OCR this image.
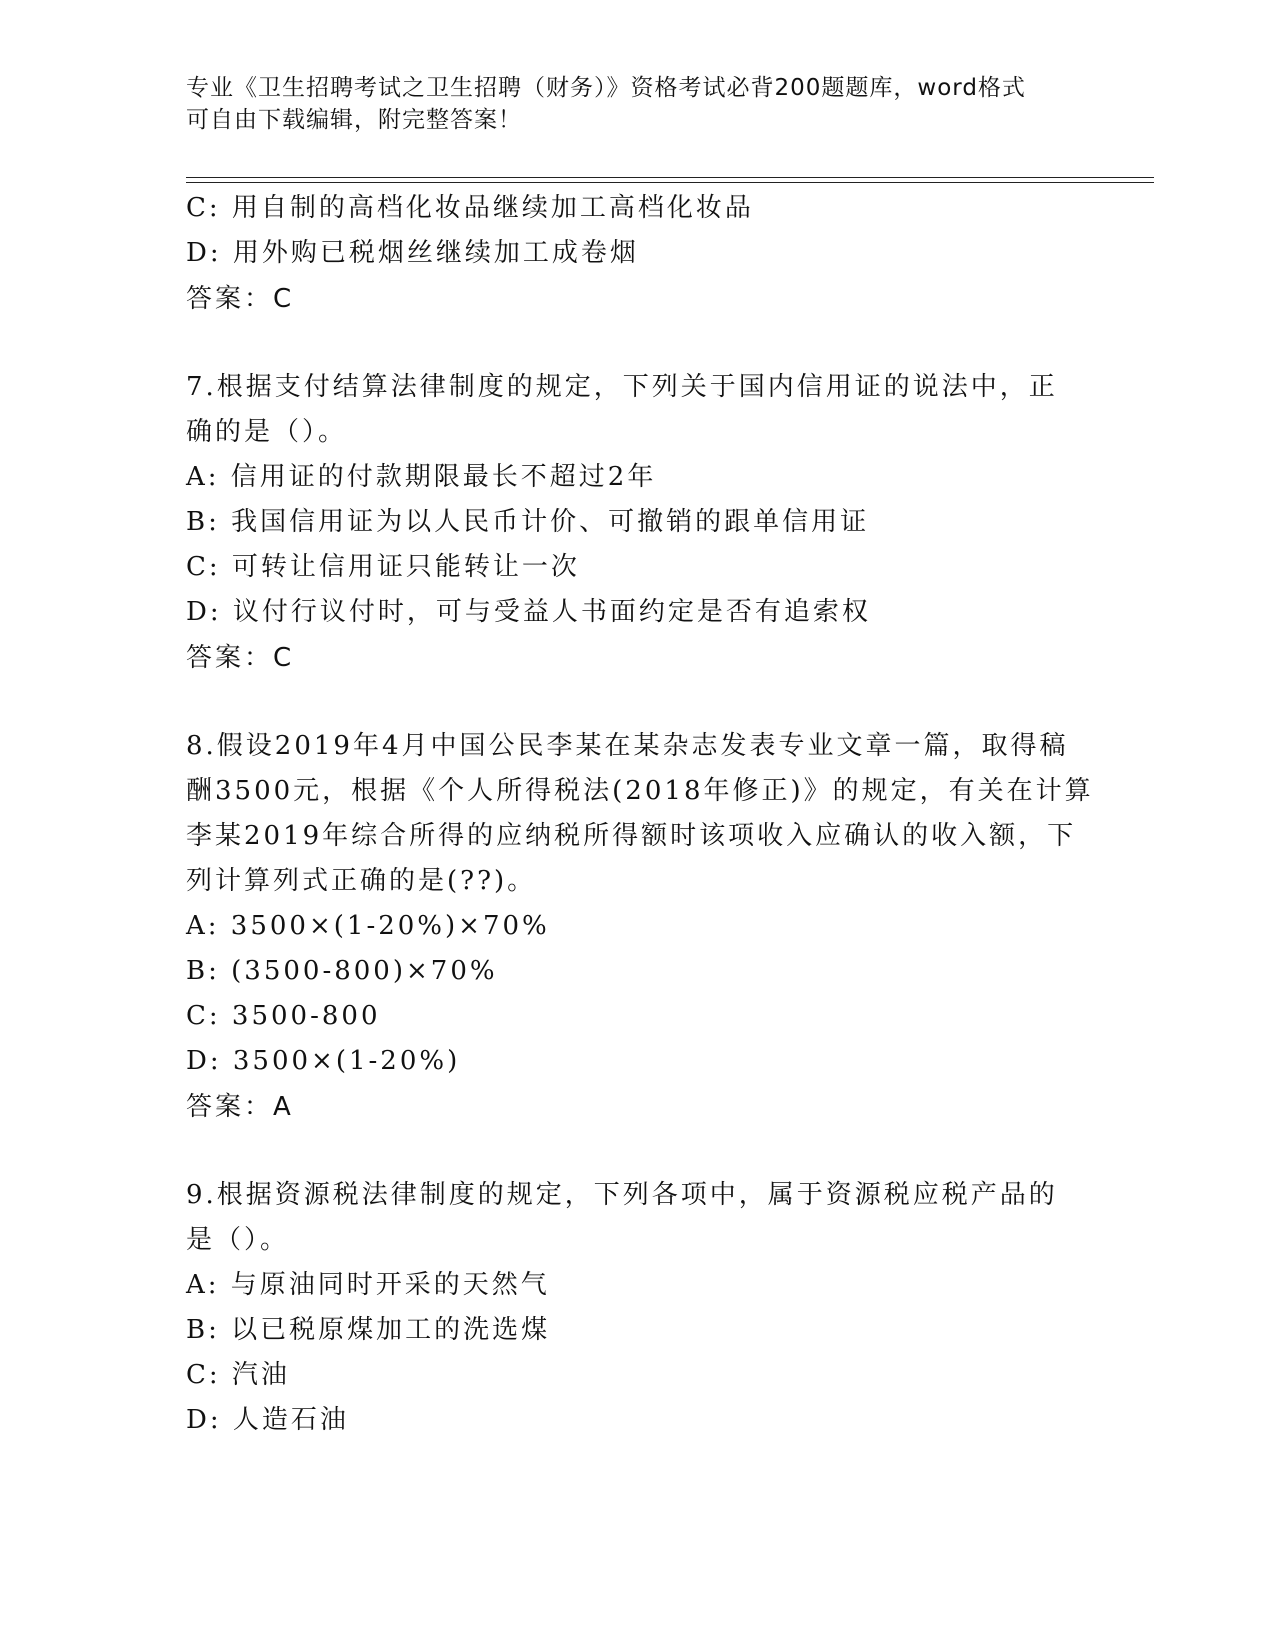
专业《卫生招聘考试之卫生招聘（财务）》资格考试必背200题题库，word格式
可自由下载编辑，附完整答案！
C: 用自制的高档化妆品继续加工高档化妆品
D: 用外购已税烟丝继续加工成卷烟
答案：C
7.根据支付结算法律制度的规定，下列关于国内信用证的说法中，正
确的是（）。
A: 信用证的付款期限最长不超过2年
B: 我国信用证为以人民币计价、可撤销的跟单信用证
C: 可转让信用证只能转让一次
D: 议付行议付时，可与受益人书面约定是否有追索权
答案：C
8.假设2019年4月中国公民李某在某杂志发表专业文章一篇，取得稿
酬3500元，根据《个人所得税法(2018年修正)》的规定，有关在计算
李某2019年综合所得的应纳税所得额时该项收入应确认的收入额，下
列计算列式正确的是(??)。
A: 3500×(1-20%)×70%
B: (3500-800)×70%
C: 3500-800
D: 3500×(1-20%)
答案：A
9.根据资源税法律制度的规定，下列各项中，属于资源税应税产品的
是（）。
A: 与原油同时开采的天然气
B: 以已税原煤加工的洗选煤
C: 汽油
D: 人造石油
